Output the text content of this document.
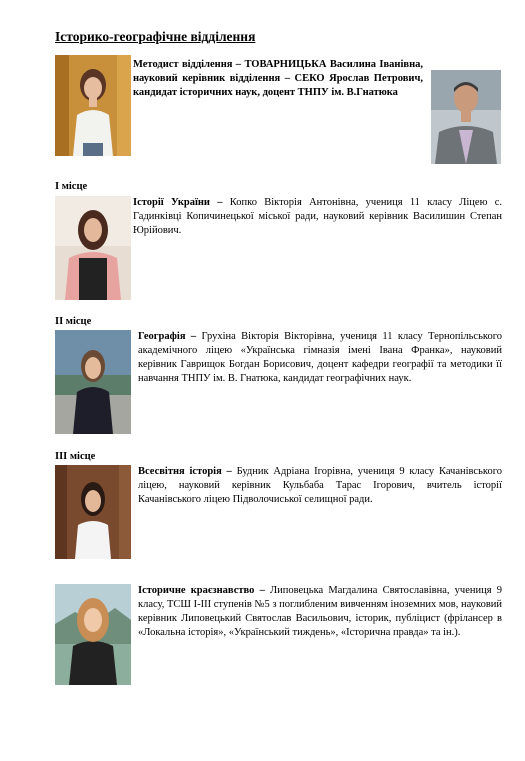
Історико-географічне відділення
Методист відділення – ТОВАРНИЦЬКА Василина Іванівна, науковий керівник відділення – СЕКО Ярослав Петрович, кандидат історичних наук, доцент ТНПУ ім. В.Гнатюка
I місце
Історії України – Копко Вікторія Антонівна, учениця 11 класу Ліцею с. Гадинківці Копичинецької міської ради, науковий керівник Василишин Степан Юрійович.
II місце
Географія – Грухіна Вікторія Вікторівна, учениця 11 класу Тернопільського академічного ліцею «Українська гімназія імені Івана Франка», науковий керівник Гаврищок Богдан Борисович, доцент кафедри географії та методики її навчання ТНПУ ім. В. Гнатюка, кандидат географічних наук.
III місце
Всесвітня історія – Будник Адріана Ігорівна, учениця 9 класу Качанівського ліцею, науковий керівник Кульбаба Тарас Ігорович, вчитель історії Качанівського ліцею Підволочиської селищної ради.
Історичне краєзнавство – Липовецька Магдалина Святославівна, учениця 9 класу, ТСШ І-ІІІ ступенів №5 з поглибленим вивченням іноземних мов, науковий керівник Липовецький Святослав Васильович, історик, публіцист (фрілансер в «Локальна історія», «Український тиждень», «Історична правда» та ін.).
